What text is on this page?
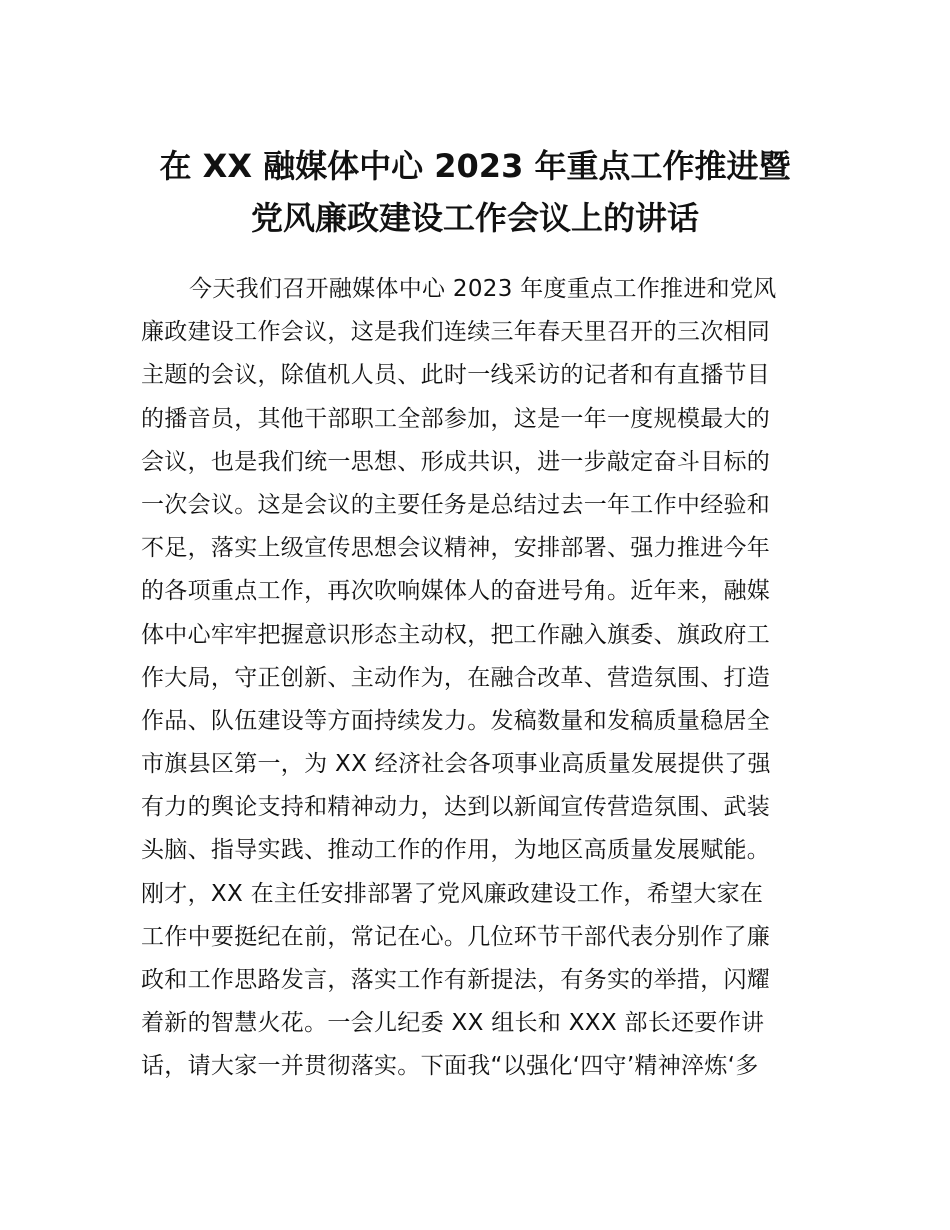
在 XX 融媒体中心 2023 年重点工作推进暨
党风廉政建设工作会议上的讲话
今天我们召开融媒体中心 2023 年度重点工作推进和党风
廉政建设工作会议，这是我们连续三年春天里召开的三次相同
主题的会议，除值机人员、此时一线采访的记者和有直播节目
的播音员，其他干部职工全部参加，这是一年一度规模最大的
会议，也是我们统一思想、形成共识，进一步敲定奋斗目标的
一次会议。这是会议的主要任务是总结过去一年工作中经验和
不足，落实上级宣传思想会议精神，安排部署、强力推进今年
的各项重点工作，再次吹响媒体人的奋进号角。近年来，融媒
体中心牢牢把握意识形态主动权，把工作融入旗委、旗政府工
作大局，守正创新、主动作为，在融合改革、营造氛围、打造
作品、队伍建设等方面持续发力。发稿数量和发稿质量稳居全
市旗县区第一，为 XX 经济社会各项事业高质量发展提供了强
有力的舆论支持和精神动力，达到以新闻宣传营造氛围、武装
头脑、指导实践、推动工作的作用，为地区高质量发展赋能。
刚才，XX 在主任安排部署了党风廉政建设工作，希望大家在
工作中要挺纪在前，常记在心。几位环节干部代表分别作了廉
政和工作思路发言，落实工作有新提法，有务实的举措，闪耀
着新的智慧火花。一会儿纪委 XX 组长和 XXX 部长还要作讲
话，请大家一并贯彻落实。下面我“以强化‘四守’精神淬炼‘多
